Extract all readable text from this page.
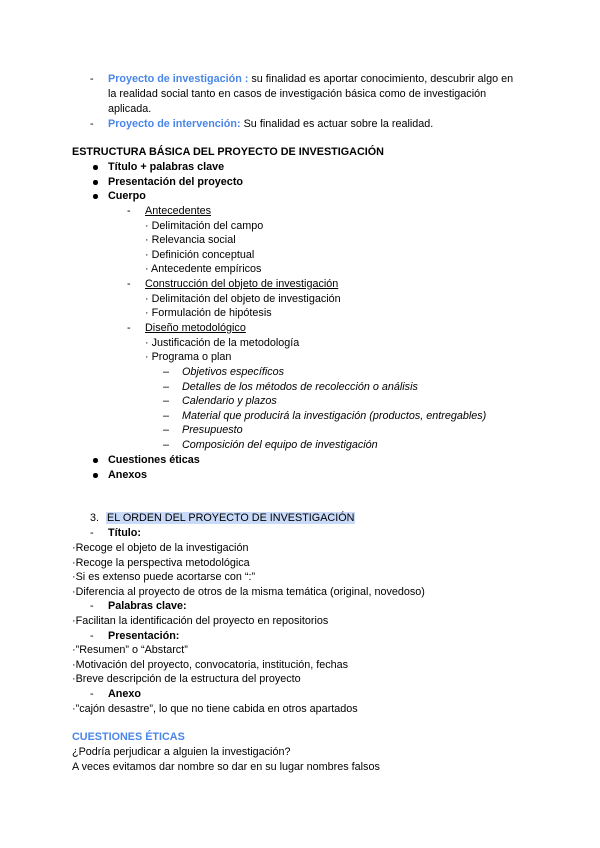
- Proyecto de investigación : su finalidad es aportar conocimiento, descubrir algo en
la realidad social tanto en casos de investigación básica como de investigación
aplicada.
- Proyecto de intervención: Su finalidad es actuar sobre la realidad.
ESTRUCTURA BÁSICA DEL PROYECTO DE INVESTIGACIÓN
Título + palabras clave
Presentación del proyecto
Cuerpo
- Antecedentes
· Delimitación del campo
· Relevancia social
· Definición conceptual
· Antecedente empíricos
- Construcción del objeto de investigación
· Delimitación del objeto de investigación
· Formulación de hipótesis
- Diseño metodológico
· Justificación de la metodología
· Programa o plan
– Objetivos específicos
– Detalles de los métodos de recolección o análisis
– Calendario y plazos
– Material que producirá la investigación (productos, entregables)
– Presupuesto
– Composición del equipo de investigación
Cuestiones éticas
Anexos
3. EL ORDEN DEL PROYECTO DE INVESTIGACIÓN
- Título:
·Recoge el objeto de la investigación
·Recoge la perspectiva metodológica
·Si es extenso puede acortarse con “:”
·Diferencia al proyecto de otros de la misma temática (original, novedoso)
- Palabras clave:
·Facilitan la identificación del proyecto en repositorios
- Presentación:
·”Resumen” o “Abstarct”
·Motivación del proyecto, convocatoria, institución, fechas
·Breve descripción de la estructura del proyecto
- Anexo
·”cajón desastre”, lo que no tiene cabida en otros apartados
CUESTIONES ÉTICAS
¿Podría perjudicar a alguien la investigación?
A veces evitamos dar nombre so dar en su lugar nombres falsos
